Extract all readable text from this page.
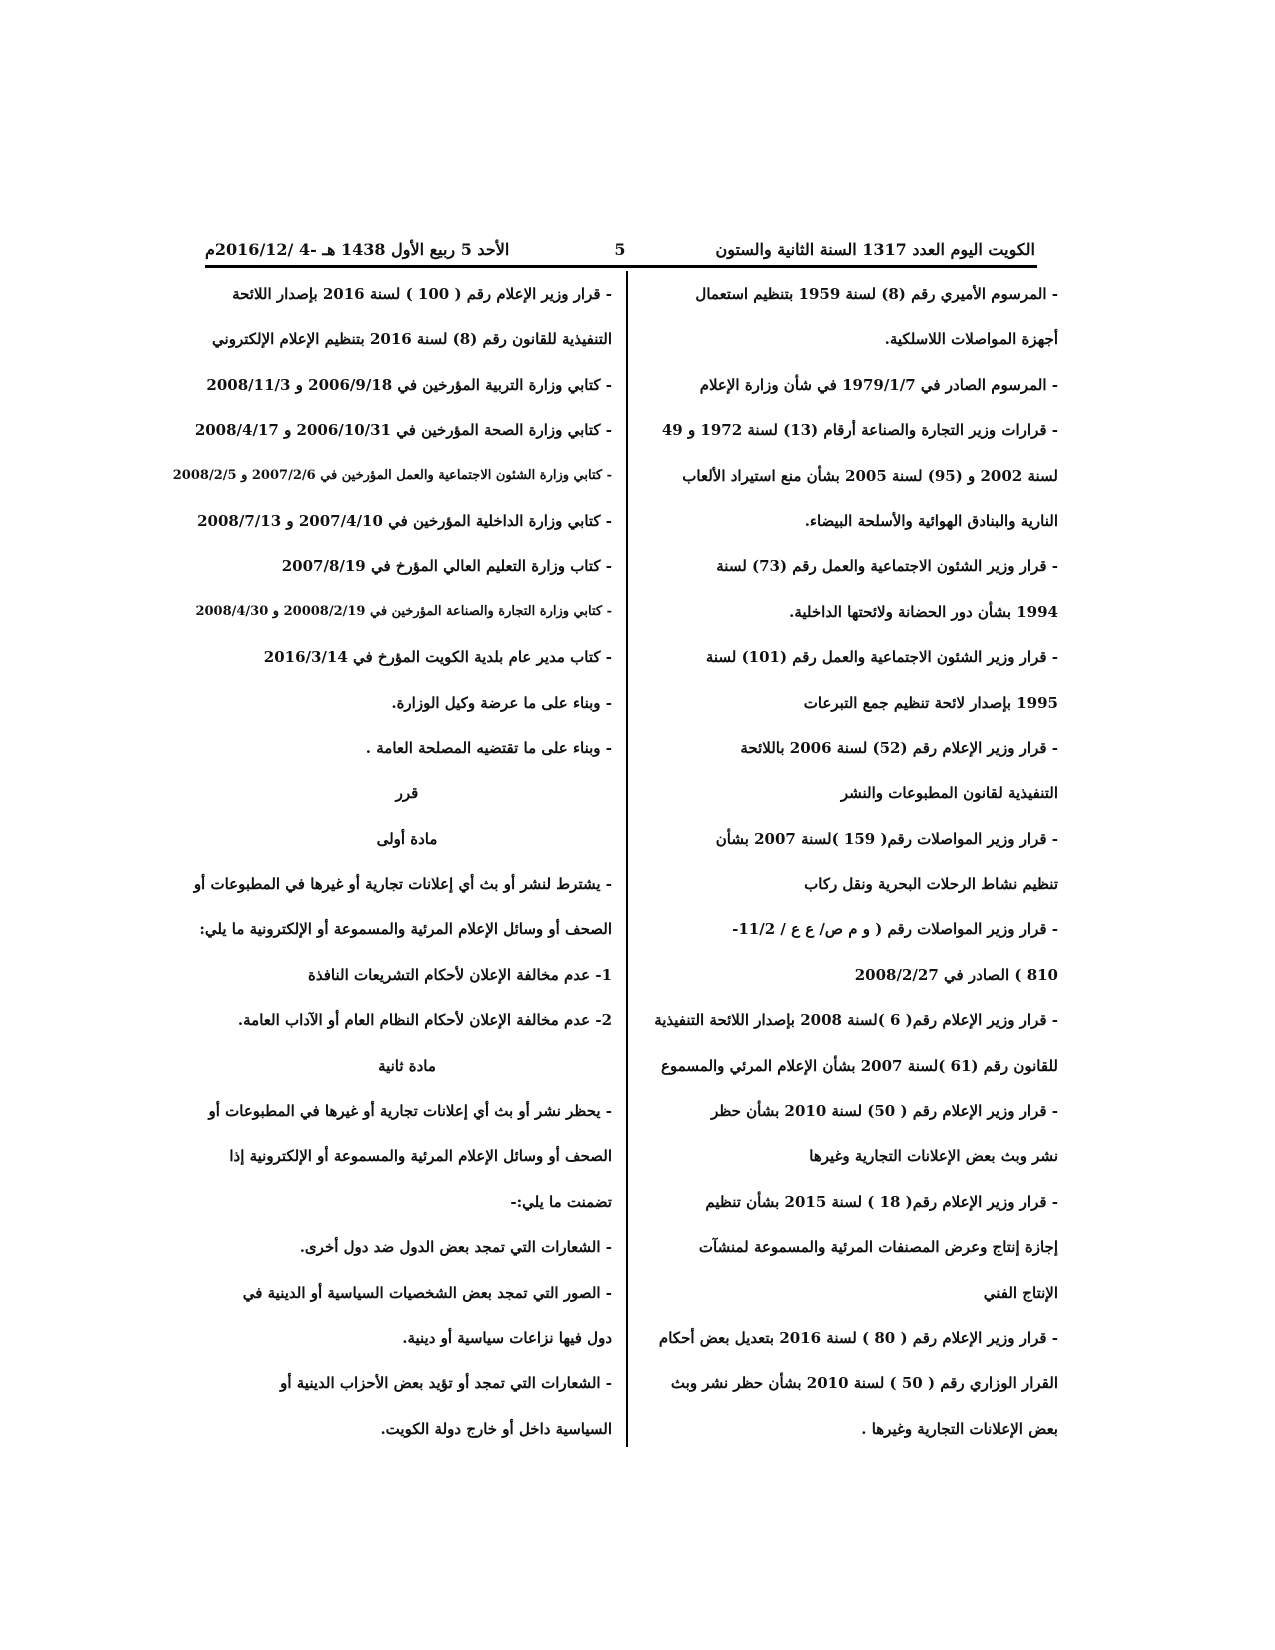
الكويت اليوم العدد 1317 السنة الثانية والستون
5
الأحد 5 ربيع الأول 1438 هـ -4 /2016/12م
- المرسوم الأميري رقم (8) لسنة 1959 بتنظيم استعمال
أجهزة المواصلات اللاسلكية.
- المرسوم الصادر في 1979/1/7 في شأن وزارة الإعلام
- قرارات وزير التجارة والصناعة أرقام (13) لسنة 1972 و 49
لسنة 2002 و (95) لسنة 2005 بشأن منع استيراد الألعاب
النارية والبنادق الهوائية والأسلحة البيضاء.
- قرار وزير الشئون الاجتماعية والعمل رقم (73) لسنة
1994 بشأن دور الحضانة ولائحتها الداخلية.
- قرار وزير الشئون الاجتماعية والعمل رقم (101) لسنة
1995 بإصدار لائحة تنظيم جمع التبرعات
- قرار وزير الإعلام رقم (52) لسنة 2006 باللائحة
التنفيذية لقانون المطبوعات والنشر
- قرار وزير المواصلات رقم( 159 )لسنة 2007 بشأن
تنظيم نشاط الرحلات البحرية ونقل ركاب
- قرار وزير المواصلات رقم ( و م ص/ ع ع / 11/2-
810 ) الصادر في 2008/2/27
- قرار وزير الإعلام رقم( 6 )لسنة 2008 بإصدار اللائحة التنفيذية
للقانون رقم (61 )لسنة 2007 بشأن الإعلام المرئي والمسموع
- قرار وزير الإعلام رقم ( 50) لسنة 2010 بشأن حظر
نشر وبث بعض الإعلانات التجارية وغيرها
- قرار وزير الإعلام رقم( 18 ) لسنة 2015 بشأن تنظيم
إجازة إنتاج وعرض المصنفات المرئية والمسموعة لمنشآت
الإنتاج الفني
- قرار وزير الإعلام رقم ( 80 ) لسنة 2016 بتعديل بعض أحكام
القرار الوزاري رقم ( 50 ) لسنة 2010 بشأن حظر نشر وبث
بعض الإعلانات التجارية وغيرها .
- قرار وزير الإعلام رقم ( 100 ) لسنة 2016 بإصدار اللائحة
التنفيذية للقانون رقم (8) لسنة 2016 بتنظيم الإعلام الإلكتروني
- كتابي وزارة التربية المؤرخين في 2006/9/18 و 2008/11/3
- كتابي وزارة الصحة المؤرخين في 2006/10/31 و 2008/4/17
- كتابي وزارة الشئون الاجتماعية والعمل المؤرخين في 2007/2/6 و 2008/2/5
- كتابي وزارة الداخلية المؤرخين في 2007/4/10 و 2008/7/13
- كتاب وزارة التعليم العالي المؤرخ في 2007/8/19
- كتابي وزارة التجارة والصناعة المؤرخين في 20008/2/19 و 2008/4/30
- كتاب مدير عام بلدية الكويت المؤرخ في 2016/3/14
- وبناء على ما عرضة وكيل الوزارة.
- وبناء على ما تقتضيه المصلحة العامة .
قرر
مادة أولى
- يشترط لنشر أو بث أي إعلانات تجارية أو غيرها في المطبوعات أو
الصحف أو وسائل الإعلام المرئية والمسموعة أو الإلكترونية ما يلي:
1- عدم مخالفة الإعلان لأحكام التشريعات النافذة
2- عدم مخالفة الإعلان لأحكام النظام العام أو الآداب العامة.
مادة ثانية
- يحظر نشر أو بث أي إعلانات تجارية أو غيرها في المطبوعات أو
الصحف أو وسائل الإعلام المرئية والمسموعة أو الإلكترونية إذا
تضمنت ما يلي:-
- الشعارات التي تمجد بعض الدول ضد دول أخرى.
- الصور التي تمجد بعض الشخصيات السياسية أو الدينية في
دول فيها نزاعات سياسية أو دينية.
- الشعارات التي تمجد أو تؤيد بعض الأحزاب الدينية أو
السياسية داخل أو خارج دولة الكويت.
